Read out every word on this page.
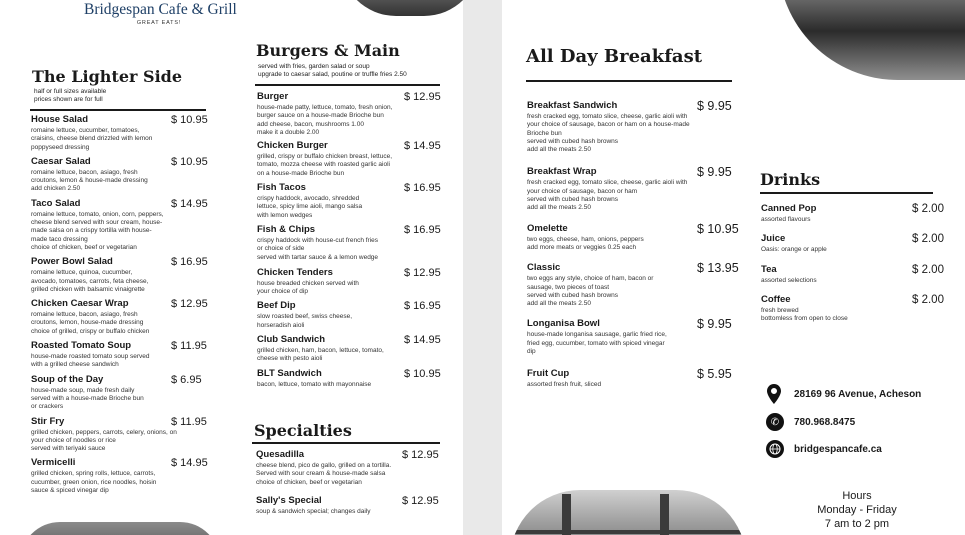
Bridgespan Cafe & Grill
GREAT EATS!
The Lighter Side
half or full sizes available
prices shown are for full
House Salad	$ 10.95
romaine lettuce, cucumber, tomatoes,
craisins, cheese blend drizzled with lemon
poppyseed dressing
Caesar Salad	$ 10.95
romaine lettuce, bacon, asiago, fresh
croutons, lemon & house-made dressing
add chicken 2.50
Taco Salad	$ 14.95
romaine lettuce, tomato, onion, corn, peppers,
cheese blend served with sour cream, house-
made salsa on a crispy tortilla with house-
made taco dressing
choice of chicken, beef or vegetarian
Power Bowl Salad	$ 16.95
romaine lettuce, quinoa, cucumber,
avocado, tomatoes, carrots, feta cheese,
grilled chicken with balsamic vinaigrette
Chicken Caesar Wrap	$ 12.95
romaine lettuce, bacon, asiago, fresh
croutons, lemon, house-made dressing
choice of grilled, crispy or buffalo chicken
Roasted Tomato Soup	$ 11.95
house-made roasted tomato soup served
with a grilled cheese sandwich
Soup of the Day	$ 6.95
house-made soup, made fresh daily
served with a house-made Brioche bun
or crackers
Stir Fry	$ 11.95
grilled chicken, peppers, carrots, celery, onions, on
your choice of noodles or rice
served with teriyaki sauce
Vermicelli	$ 14.95
grilled chicken, spring rolls, lettuce, carrots,
cucumber, green onion, rice noodles, hoisin
sauce & spiced vinegar dip
Burgers & Main
served with fries, garden salad or soup
upgrade to caesar salad, poutine or truffle fries 2.50
Burger	$ 12.95
house-made patty, lettuce, tomato, fresh onion,
burger sauce on a house-made Brioche bun
add cheese, bacon, mushrooms 1.00
make it a double 2.00
Chicken Burger	$ 14.95
grilled, crispy or buffalo chicken breast, lettuce,
tomato, mozza cheese with roasted garlic aioli
on a house-made Brioche bun
Fish Tacos	$ 16.95
crispy haddock, avocado, shredded
lettuce, spicy lime aioli, mango salsa
with lemon wedges
Fish & Chips	$ 16.95
crispy haddock with house-cut french fries
or choice of side
served with tartar sauce & a lemon wedge
Chicken Tenders	$ 12.95
house breaded chicken served with
your choice of dip
Beef Dip	$ 16.95
slow roasted beef, swiss cheese,
horseradish aioli
Club Sandwich	$ 14.95
grilled chicken, ham, bacon, lettuce, tomato,
cheese with pesto aioli
BLT Sandwich	$ 10.95
bacon, lettuce, tomato with mayonnaise
Specialties
Quesadilla	$ 12.95
cheese blend, pico de gallo, grilled on a tortilla.
Served with sour cream & house-made salsa
choice of chicken, beef or vegetarian
Sally's Special	$ 12.95
soup & sandwich special; changes daily
All Day Breakfast
Breakfast Sandwich	$ 9.95
fresh cracked egg, tomato slice, cheese, garlic aioli with
your choice of sausage, bacon or ham on a house-made
Brioche bun
served with cubed hash browns
add all the meats 2.50
Breakfast Wrap	$ 9.95
fresh cracked egg, tomato slice, cheese, garlic aioli with
your choice of sausage, bacon or ham
served with cubed hash browns
add all the meats 2.50
Omelette	$ 10.95
two eggs, cheese, ham, onions, peppers
add more meats or veggies 0.25 each
Classic	$ 13.95
two eggs any style, choice of ham, bacon or
sausage, two pieces of toast
served with cubed hash browns
add all the meats 2.50
Longanisa Bowl	$ 9.95
house-made longanisa sausage, garlic fried rice,
fried egg, cucumber, tomato with spiced vinegar
dip
Fruit Cup	$ 5.95
assorted fresh fruit, sliced
Drinks
Canned Pop	$ 2.00
assorted flavours
Juice	$ 2.00
Oasis: orange or apple
Tea	$ 2.00
assorted selections
Coffee	$ 2.00
fresh brewed
bottomless from open to close
28169 96 Avenue, Acheson
✆	780.968.8475
bridgespancafe.ca
Hours
Monday - Friday
7 am to 2 pm
